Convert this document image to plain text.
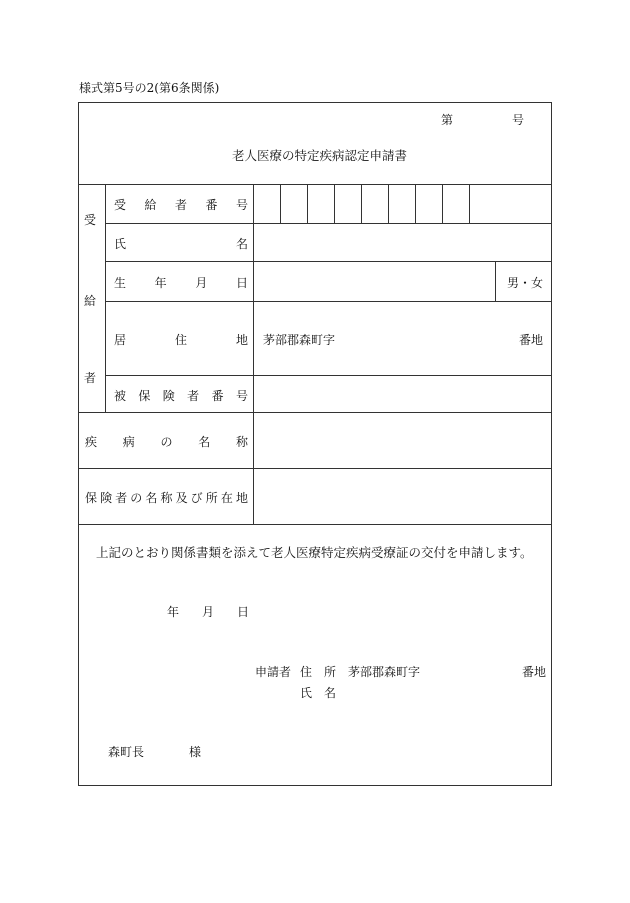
様式第5号の2(第6条関係)
第	号
老人医療の特定疾病認定申請書
受
給
者
受 給 者 番 号
氏	名
生 年 月 日	男・女
居	住	地 茅部郡森町字	番地
被 保 険 者 番 号
疾 病 の 名 称
保 険 者 の 名 称 及 び 所 在 地
上記のとおり関係書類を添えて老人医療特定疾病受療証の交付を申請します。
年 月 日
申請者 住　所 茅部郡森町字	番地
氏　名
森町長	様
